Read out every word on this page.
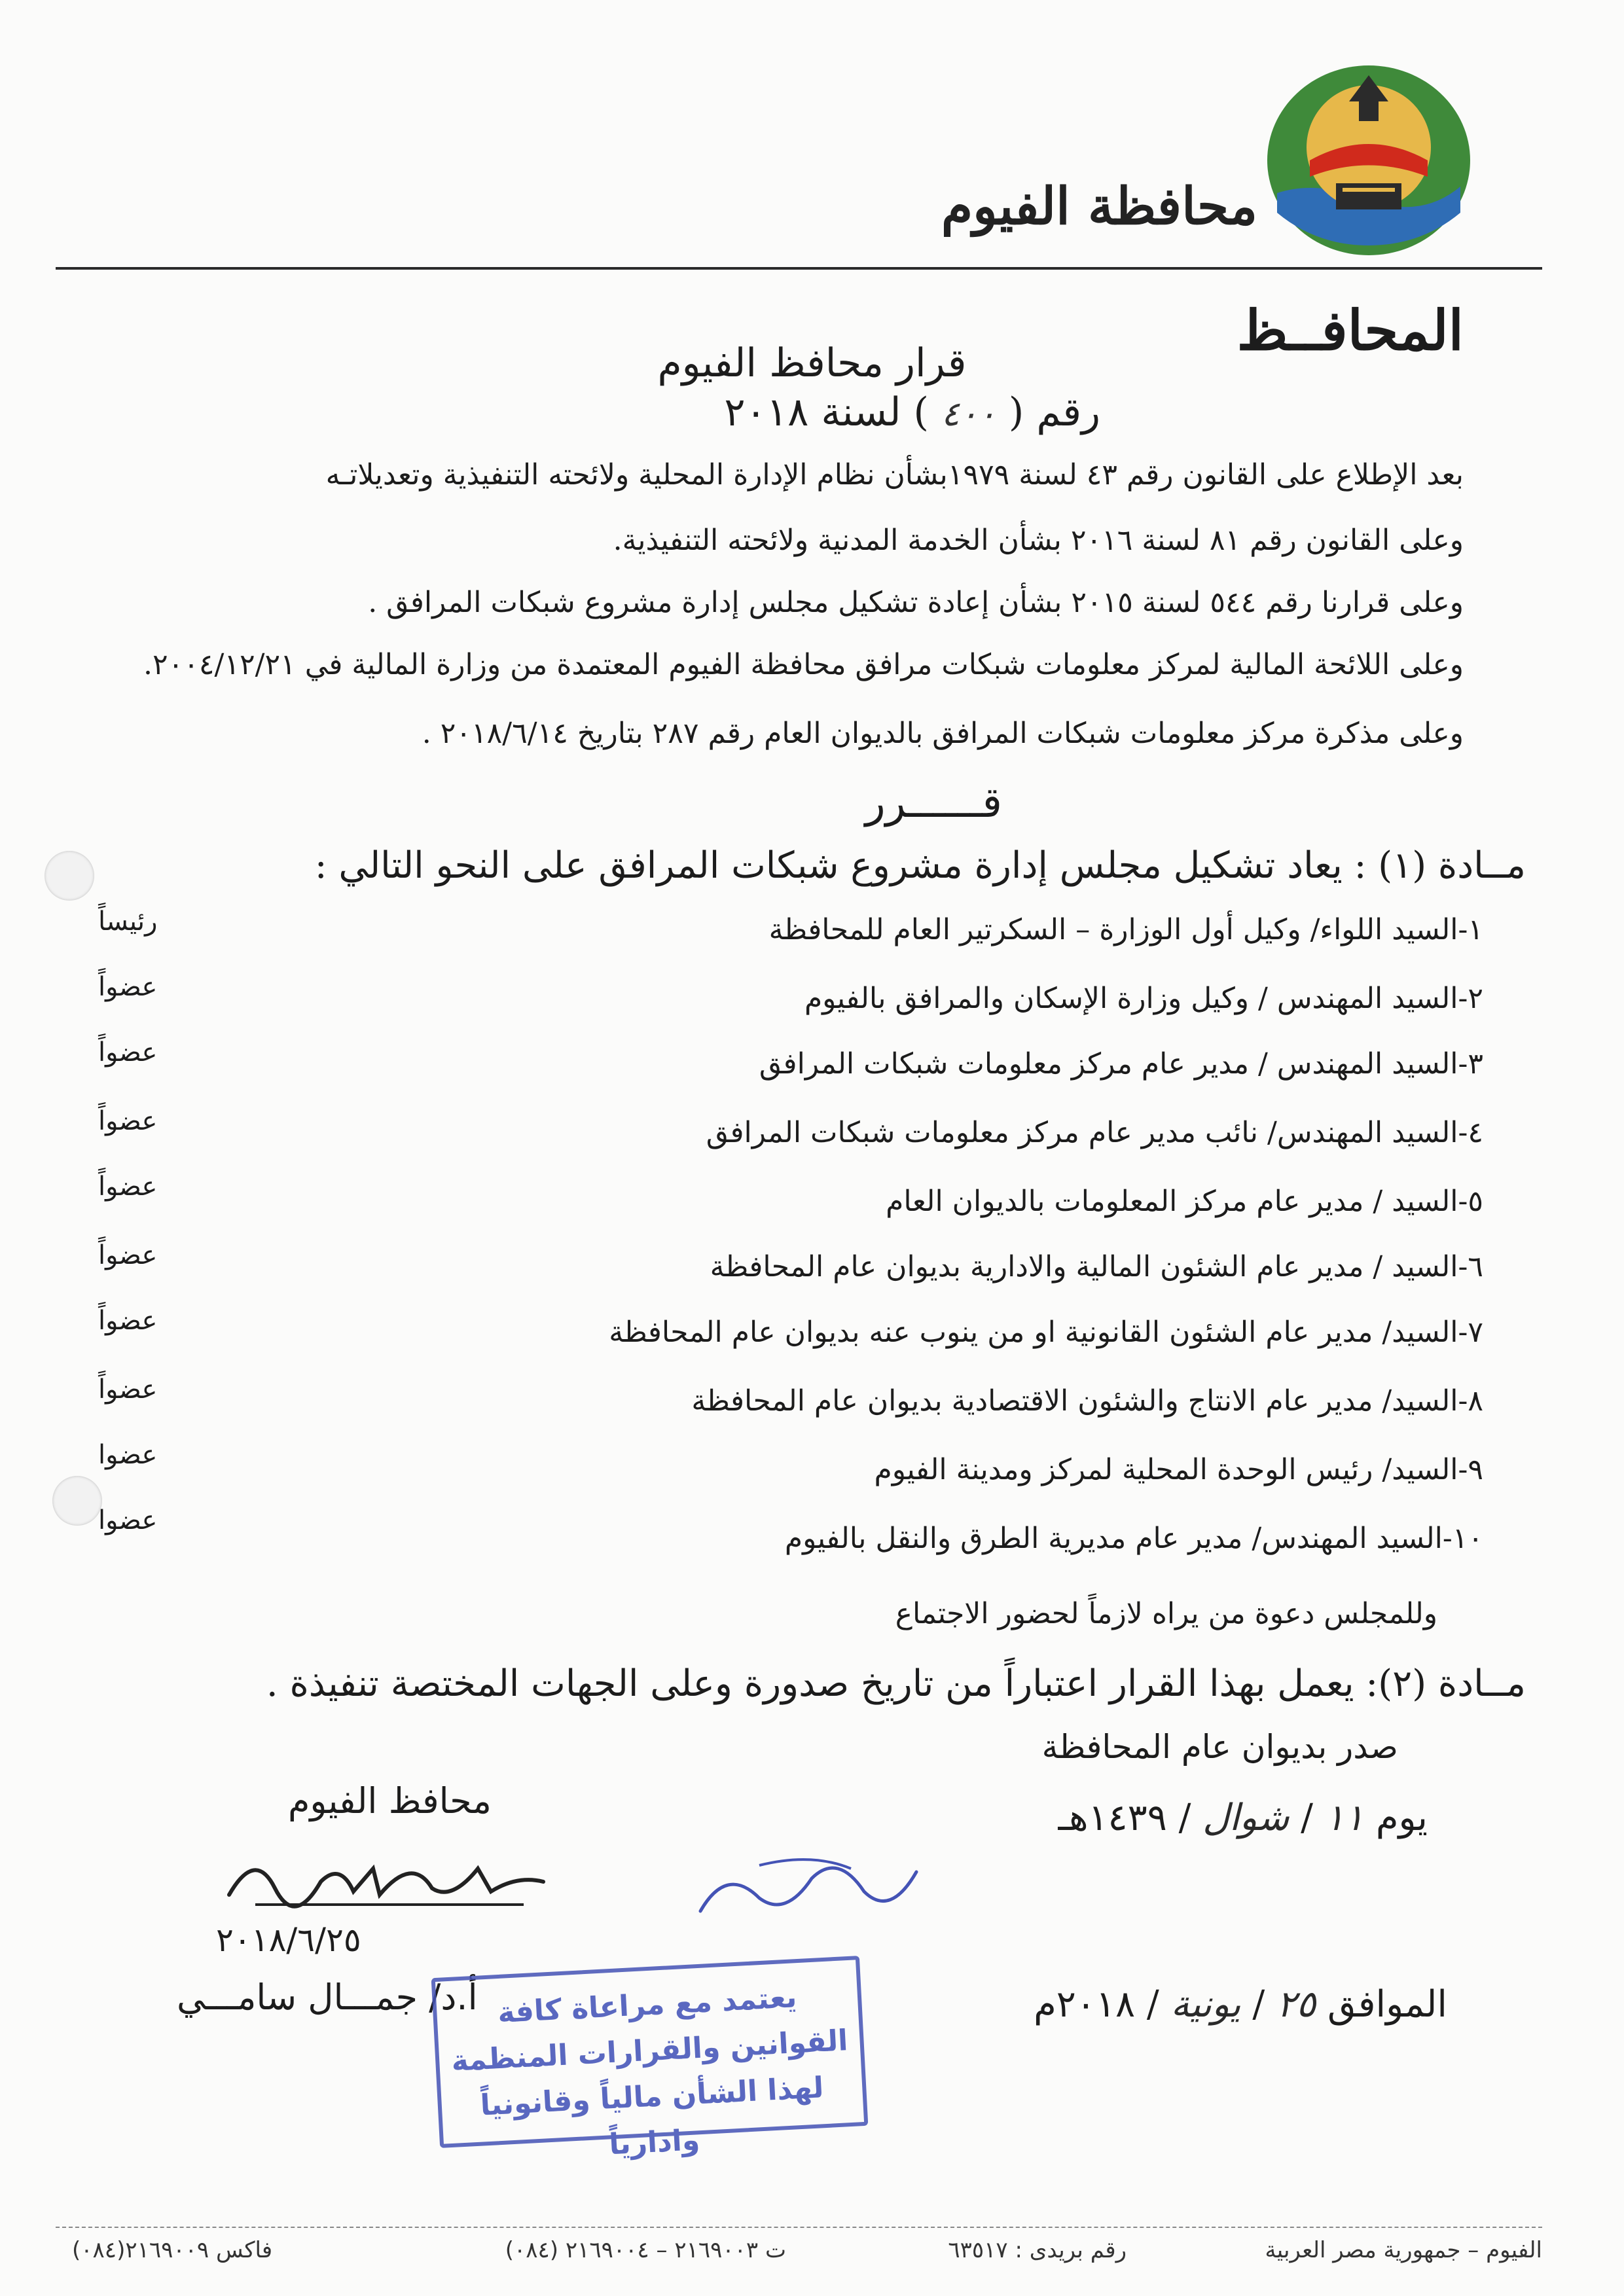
محافظة الفيوم
المحافــظ
قرار محافظ الفيوم
رقم ( ٤٠٠ ) لسنة ٢٠١٨
بعد الإطلاع على القانون رقم ٤٣ لسنة ١٩٧٩بشأن نظام الإدارة المحلية ولائحته التنفيذية وتعديلاتـه
وعلى القانون رقم ٨١ لسنة ٢٠١٦ بشأن الخدمة المدنية ولائحته التنفيذية.
وعلى قرارنا رقم ٥٤٤ لسنة ٢٠١٥ بشأن إعادة تشكيل مجلس إدارة مشروع شبكات المرافق .
وعلى اللائحة المالية لمركز معلومات شبكات مرافق محافظة الفيوم المعتمدة من وزارة المالية في ٢٠٠٤/١٢/٢١.
وعلى مذكرة مركز معلومات شبكات المرافق بالديوان العام رقم ٢٨٧ بتاريخ ٢٠١٨/٦/١٤ .
قــــــرر
مــادة (١) : يعاد تشكيل مجلس إدارة مشروع شبكات المرافق على النحو التالي :
١-السيد اللواء/ وكيل أول الوزارة – السكرتير العام للمحافظة
٢-السيد المهندس / وكيل وزارة الإسكان والمرافق بالفيوم
٣-السيد المهندس / مدير عام مركز معلومات شبكات المرافق
٤-السيد المهندس/ نائب مدير عام مركز معلومات شبكات المرافق
٥-السيد / مدير عام مركز المعلومات بالديوان العام
٦-السيد / مدير عام الشئون المالية والادارية بديوان عام المحافظة
٧-السيد/ مدير عام الشئون القانونية او من ينوب عنه بديوان عام المحافظة
٨-السيد/ مدير عام الانتاج والشئون الاقتصادية بديوان عام المحافظة
٩-السيد/ رئيس الوحدة المحلية لمركز ومدينة الفيوم
١٠-السيد المهندس/ مدير عام مديرية الطرق والنقل بالفيوم
رئيساً
عضواً
عضواً
عضواً
عضواً
عضواً
عضواً
عضواً
عضوا
عضوا
وللمجلس دعوة من يراه لازماً لحضور الاجتماع
مــادة (٢): يعمل بهذا القرار اعتباراً من تاريخ صدورة وعلى الجهات المختصة تنفيذة .
صدر بديوان عام المحافظة
يوم ١١ / شوال / ١٤٣٩هـ
الموافق ٢٥ / يونية / ٢٠١٨م
محافظ الفيوم
٢٠١٨/٦/٢٥
أ.د/ جمـــال سامـــي يعتمد مع مراعاة كافة
القوانين والقرارات المنظمة
لهذا الشأن مالياً وقانونياً وادارياً
الفيوم – جمهورية مصر العربية
رقم بريدى : ٦٣٥١٧
ت ٢١٦٩٠٠٣ – ٢١٦٩٠٠٤ (٠٨٤)
فاكس ٢١٦٩٠٠٩(٠٨٤)
